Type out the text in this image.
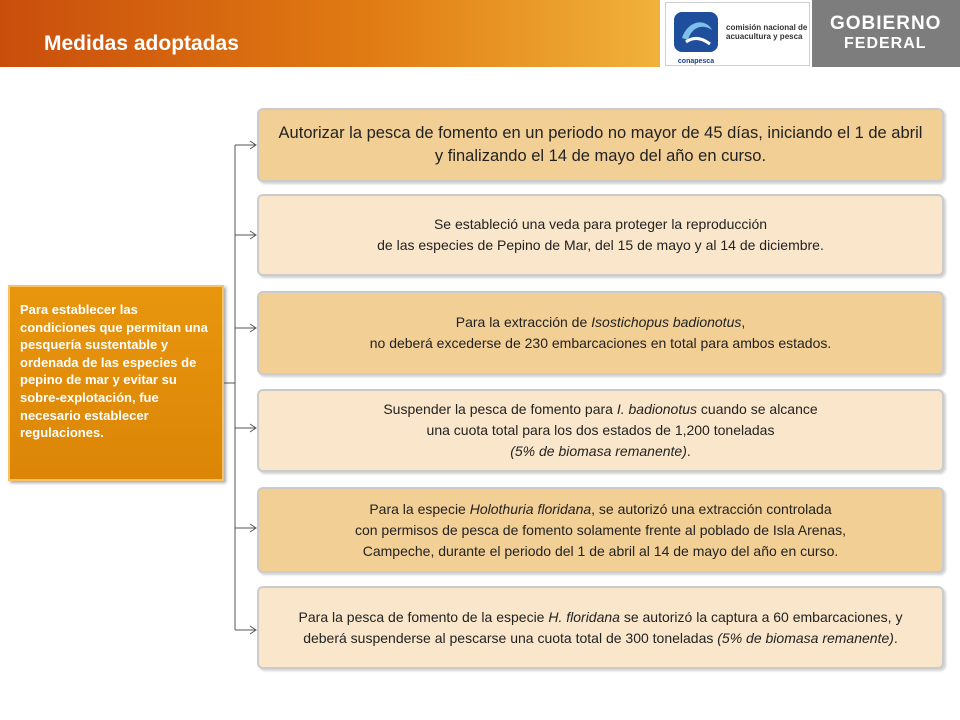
Medidas adoptadas
conapesca
comisión nacional de acuacultura y pesca
GOBIERNO
FEDERAL
Para establecer las condiciones que permitan una pesquería sustentable y ordenada de las especies de pepino de mar y evitar su sobre-explotación, fue necesario establecer regulaciones.
Autorizar la pesca de fomento en un periodo no mayor de 45 días, iniciando el 1 de abril y finalizando el 14 de mayo del año en curso.
Se estableció una veda para proteger la reproducción
de las especies de Pepino de Mar, del 15 de mayo y al 14 de diciembre.
Para la extracción de Isostichopus badionotus,
no deberá excederse de 230 embarcaciones en total para ambos estados.
Suspender la pesca de fomento para I. badionotus cuando se alcance
una cuota total para los dos estados de 1,200 toneladas
(5% de biomasa remanente).
Para la especie Holothuria floridana, se autorizó una extracción controlada
con permisos de pesca de fomento solamente frente al poblado de Isla Arenas,
Campeche, durante el periodo del 1 de abril al 14 de mayo del año en curso.
Para la pesca de fomento de la especie H. floridana se autorizó la captura a 60 embarcaciones, y deberá suspenderse al pescarse una cuota total de 300 toneladas (5% de biomasa remanente).
